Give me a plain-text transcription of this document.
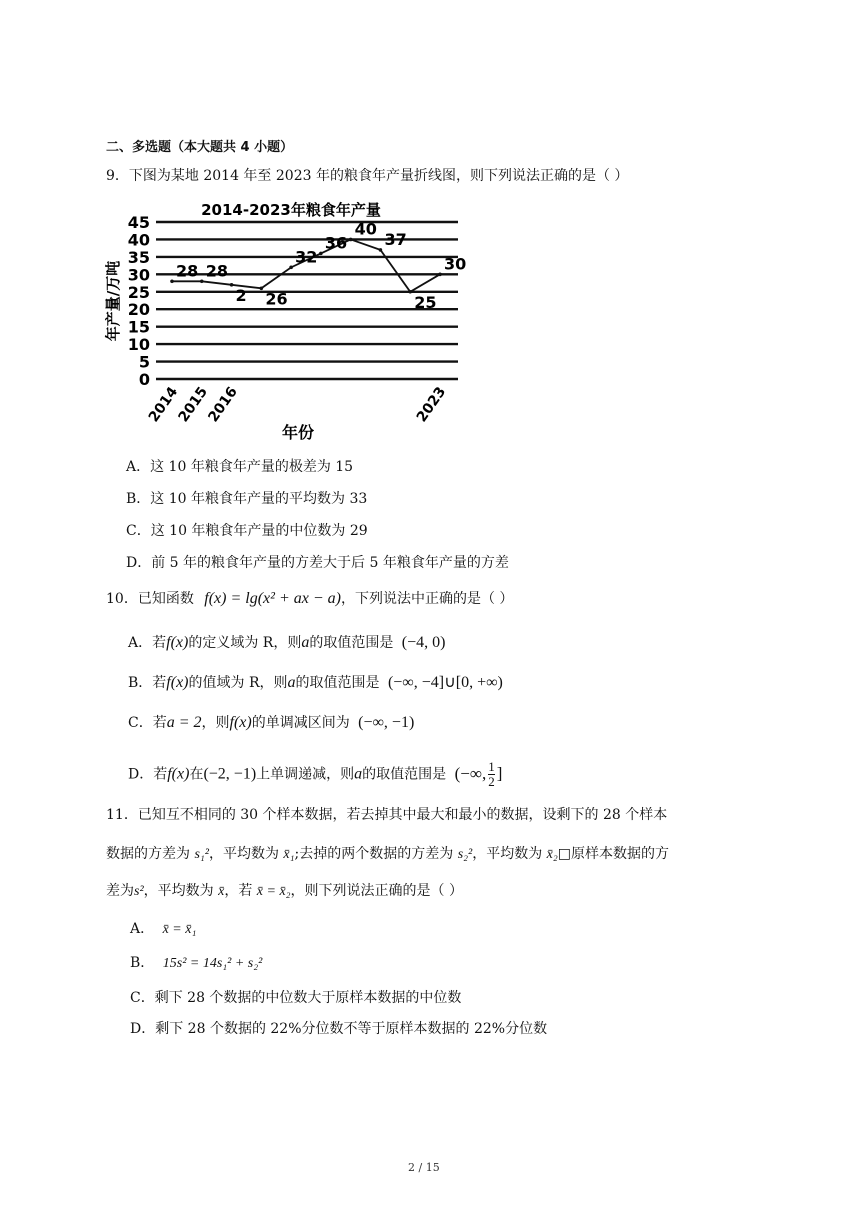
二、多选题（本大题共 4 小题）
9．下图为某地 2014 年至 2023 年的粮食年产量折线图，则下列说法正确的是（ ）
2014-2023年粮食年产量
0
5
10
15
20
25
30
35
40
45
年产量/万吨	28 28
2 26
32
36
40
37
25
30
2014
2015
2016	2023
年份
A．这 10 年粮食年产量的极差为 15
B．这 10 年粮食年产量的平均数为 33
C．这 10 年粮食年产量的中位数为 29
D．前 5 年的粮食年产量的方差大于后 5 年粮食年产量的方差
10．已知函数 f(x) = lg(x² + ax − a)，下列说法中正确的是（ ）
A．若f(x)的定义域为 R，则a的取值范围是 (−4, 0)
B．若f(x)的值域为 R，则a的取值范围是 (−∞, −4]∪[0, +∞)
C．若a = 2，则f(x)的单调减区间为 (−∞, −1)
D．若f(x)在(−2, −1)上单调递减，则a的取值范围是 (−∞, $\frac{1}{2}$ ]
11．已知互不相同的 30 个样本数据，若去掉其中最大和最小的数据，设剩下的 28 个样本
数据的方差为 s₁²，平均数为 x̄₁;去掉的两个数据的方差为 s₂²，平均数为 x̄₂□原样本数据的方
差为s²，平均数为 x̄，若 x̄ = x̄₂，则下列说法正确的是（ ）
A． x̄ = x̄₁
B． 15s² = 14s₁² + s₂²
C．剩下 28 个数据的中位数大于原样本数据的中位数
D．剩下 28 个数据的 22%分位数不等于原样本数据的 22%分位数
2 / 15
